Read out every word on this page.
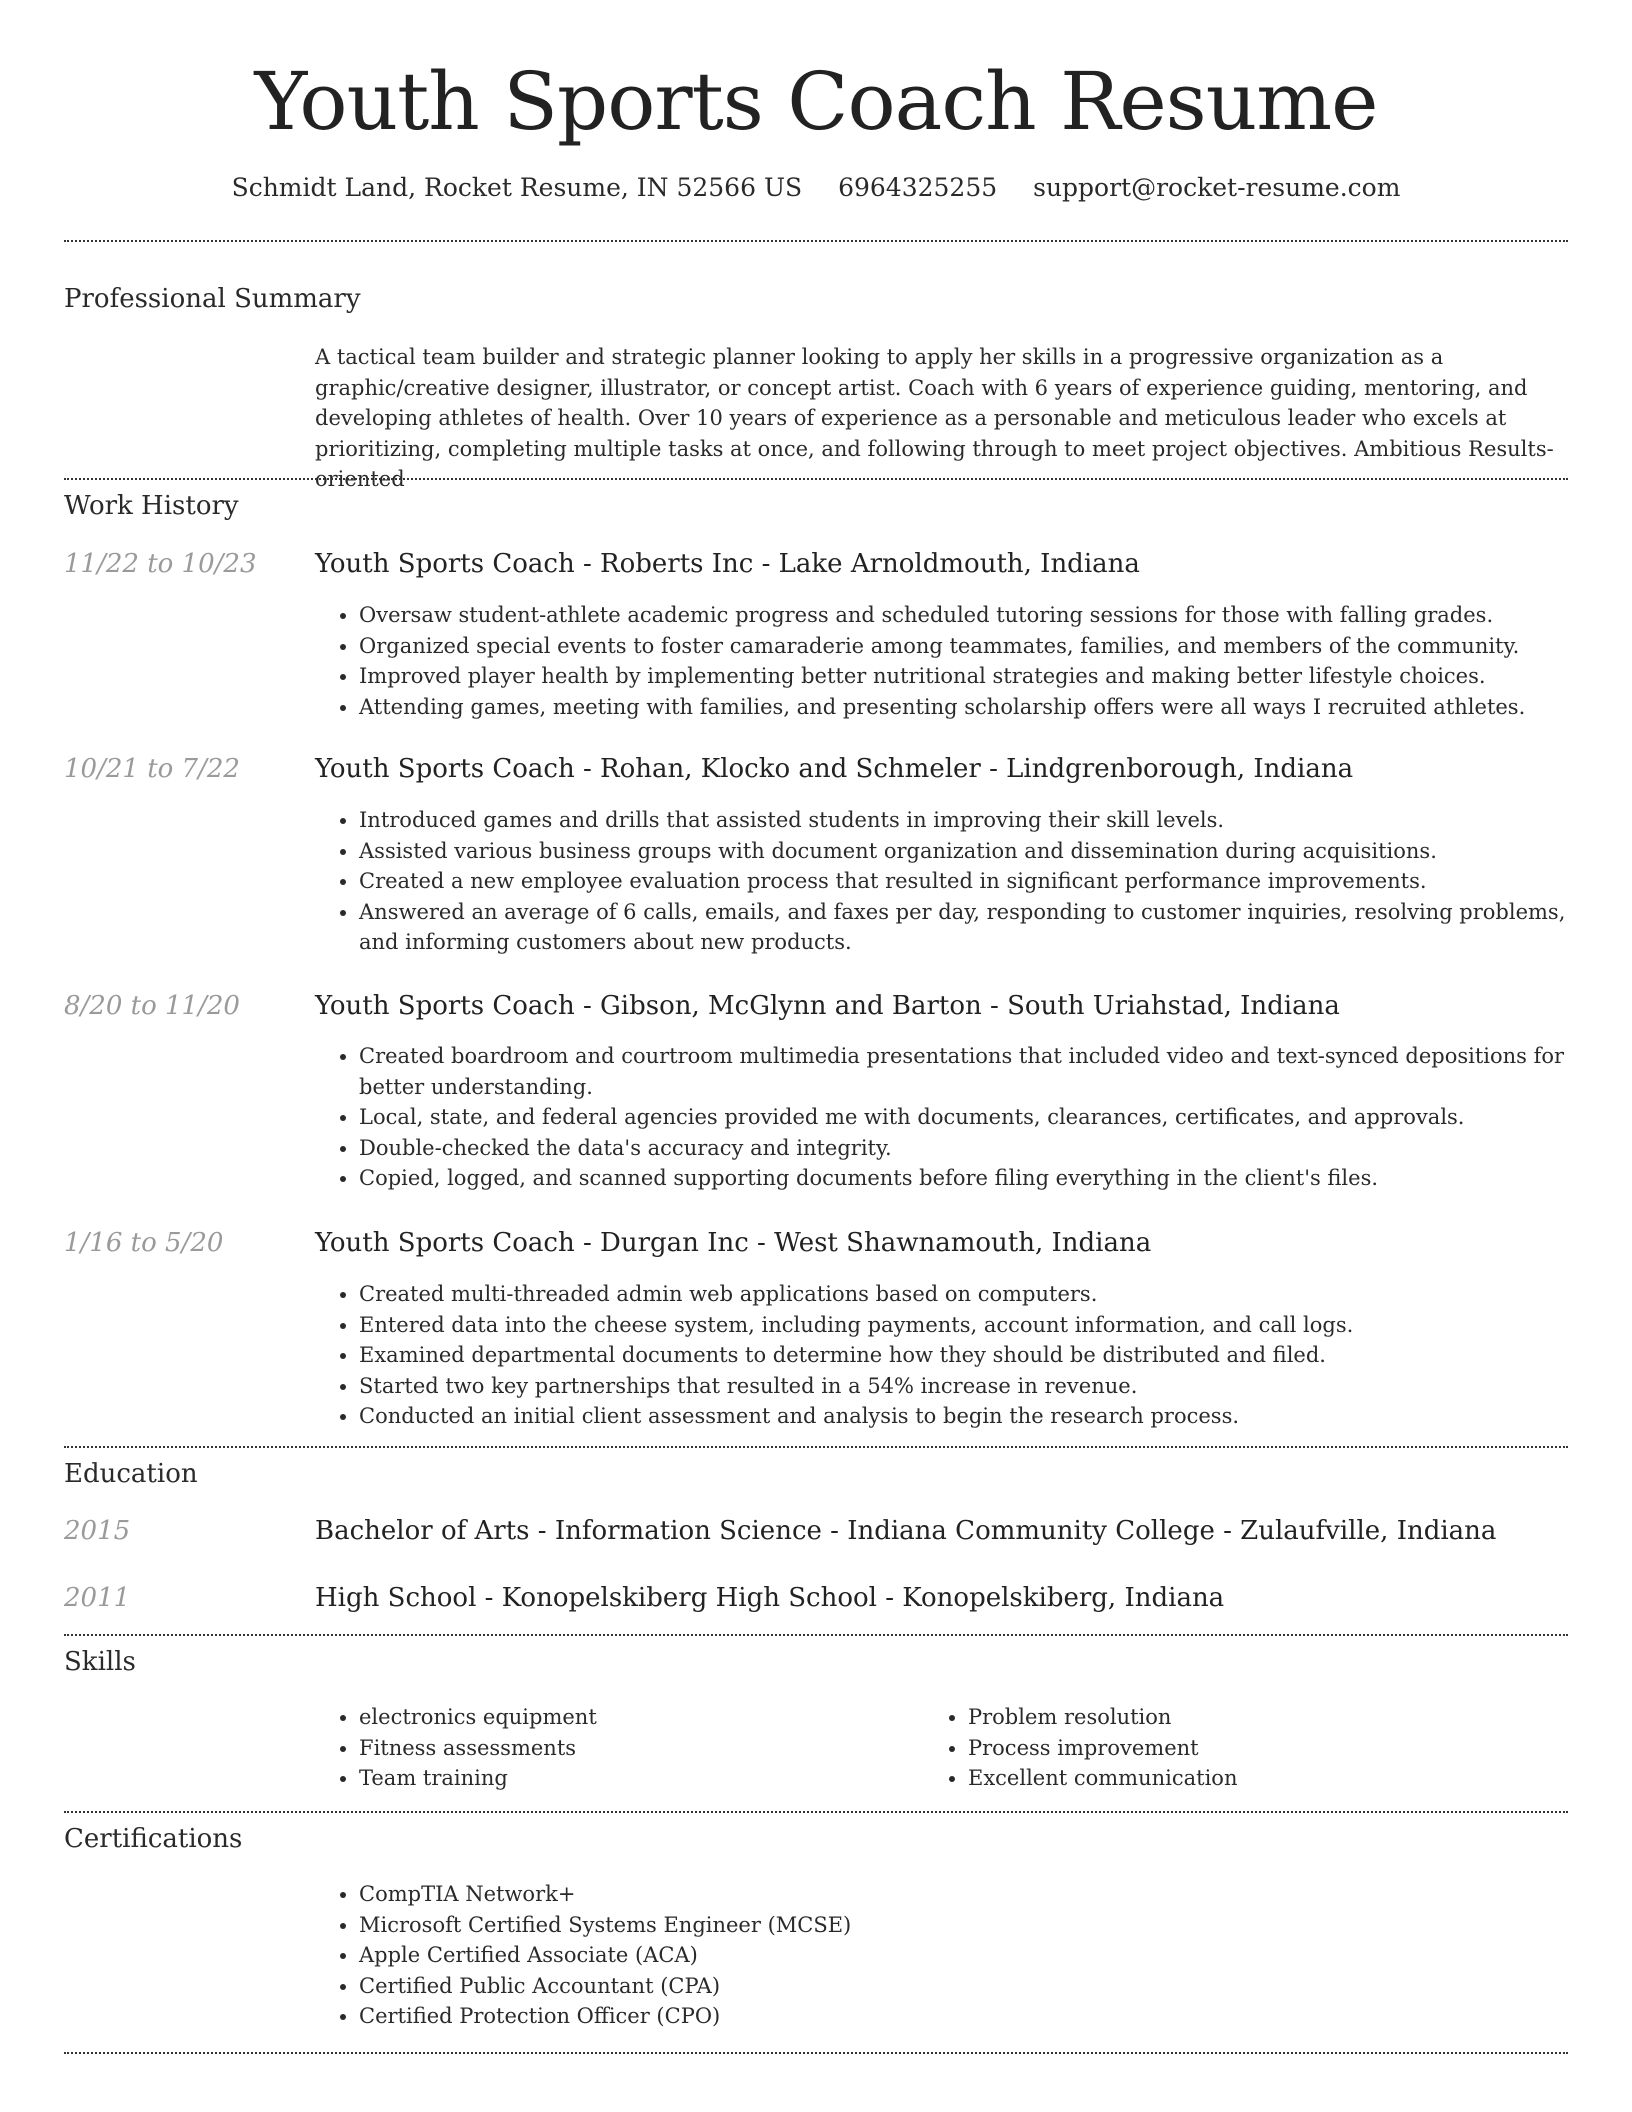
Youth Sports Coach Resume
Schmidt Land, Rocket Resume, IN 52566 US 6964325255 support@rocket-resume.com
Professional Summary

A tactical team builder and strategic planner looking to apply her skills in a progressive organization as a graphic/creative designer, illustrator, or concept artist. Coach with 6 years of experience guiding, mentoring, and developing athletes of health. Over 10 years of experience as a personable and meticulous leader who excels at prioritizing, completing multiple tasks at once, and following through to meet project objectives. Ambitious Results-oriented

Work History
11/22 to 10/23 Youth Sports Coach - Roberts Inc - Lake Arnoldmouth, Indiana
• Oversaw student-athlete academic progress and scheduled tutoring sessions for those with falling grades.
• Organized special events to foster camaraderie among teammates, families, and members of the community.
• Improved player health by implementing better nutritional strategies and making better lifestyle choices.
• Attending games, meeting with families, and presenting scholarship offers were all ways I recruited athletes.
10/21 to 7/22	Youth Sports Coach - Rohan, Klocko and Schmeler - Lindgrenborough, Indiana
• Introduced games and drills that assisted students in improving their skill levels.
• Assisted various business groups with document organization and dissemination during acquisitions.
• Created a new employee evaluation process that resulted in significant performance improvements.
• Answered an average of 6 calls, emails, and faxes per day, responding to customer inquiries, resolving problems, and informing customers about new products.
8/20 to 11/20	Youth Sports Coach - Gibson, McGlynn and Barton - South Uriahstad, Indiana
• Created boardroom and courtroom multimedia presentations that included video and text-synced depositions for better understanding.
• Local, state, and federal agencies provided me with documents, clearances, certificates, and approvals.
• Double-checked the data's accuracy and integrity.
• Copied, logged, and scanned supporting documents before filing everything in the client's files.
1/16 to 5/20	Youth Sports Coach - Durgan Inc - West Shawnamouth, Indiana
• Created multi-threaded admin web applications based on computers.
• Entered data into the cheese system, including payments, account information, and call logs.
• Examined departmental documents to determine how they should be distributed and filed.
• Started two key partnerships that resulted in a 54% increase in revenue.
• Conducted an initial client assessment and analysis to begin the research process.
Education
2015	Bachelor of Arts - Information Science - Indiana Community College - Zulaufville, Indiana
2011	High School - Konopelskiberg High School - Konopelskiberg, Indiana
Skills
• electronics equipment
• Fitness assessments
• Team training
• Problem resolution
• Process improvement
• Excellent communication
Certifications
• CompTIA Network+
• Microsoft Certified Systems Engineer (MCSE)
• Apple Certified Associate (ACA)
• Certified Public Accountant (CPA)
• Certified Protection Officer (CPO)
